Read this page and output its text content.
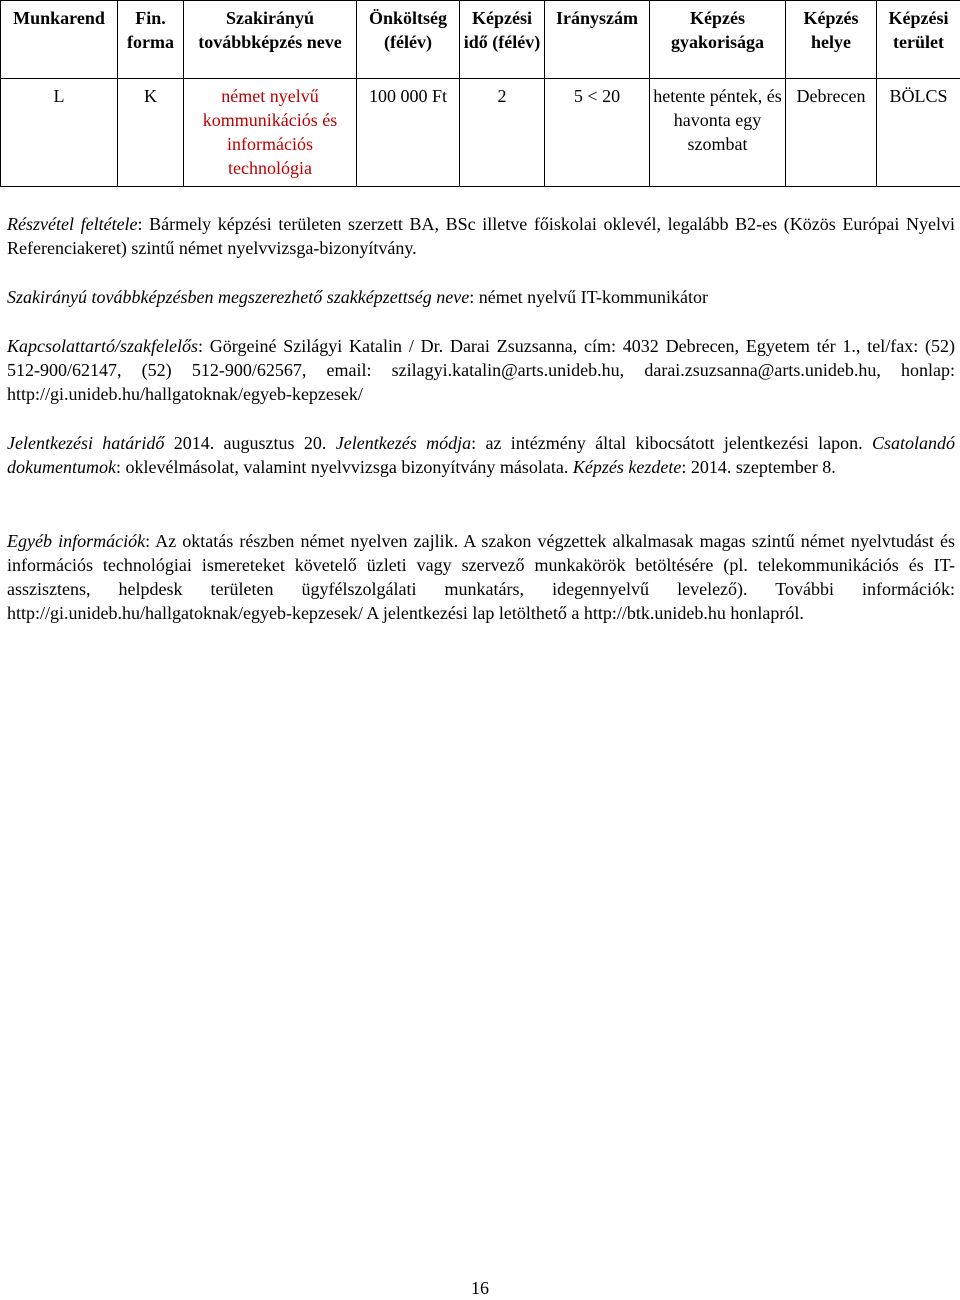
Munkarend	Fin. forma	Szakirányú továbbképzés neve	Önköltség (félév)	Képzési idő (félév)	Irányszám	Képzés gyakorisága	Képzés helye	Képzési terület
L	K	német nyelvű kommunikációs és információs technológia	100 000 Ft	2	5 < 20	hetente péntek, és havonta egy szombat	Debrecen	BÖLCS
Részvétel feltétele: Bármely képzési területen szerzett BA, BSc illetve főiskolai oklevél, legalább B2-es (Közös Európai Nyelvi Referenciakeret) szintű német nyelvvizsga-bizonyítvány.
Szakirányú továbbképzésben megszerezhető szakképzettség neve: német nyelvű IT-kommunikátor
Kapcsolattartó/szakfelelős: Görgeiné Szilágyi Katalin / Dr. Darai Zsuzsanna, cím: 4032 Debrecen, Egyetem tér 1., tel/fax: (52) 512-900/62147, (52) 512-900/62567, email: szilagyi.katalin@arts.unideb.hu, darai.zsuzsanna@arts.unideb.hu, honlap: http://gi.unideb.hu/hallgatoknak/egyeb-kepzesek/
Jelentkezési határidő 2014. augusztus 20. Jelentkezés módja: az intézmény által kibocsátott jelentkezési lapon. Csatolandó dokumentumok: oklevélmásolat, valamint nyelvvizsga bizonyítvány másolata. Képzés kezdete: 2014. szeptember 8.
Egyéb információk: Az oktatás részben német nyelven zajlik. A szakon végzettek alkalmasak magas szintű német nyelvtudást és információs technológiai ismereteket követelő üzleti vagy szervező munkakörök betöltésére (pl. telekommunikációs és IT-asszisztens, helpdesk területen ügyfélszolgálati munkatárs, idegennyelvű levelező). További információk: http://gi.unideb.hu/hallgatoknak/egyeb-kepzesek/ A jelentkezési lap letölthető a http://btk.unideb.hu honlapról.
16
